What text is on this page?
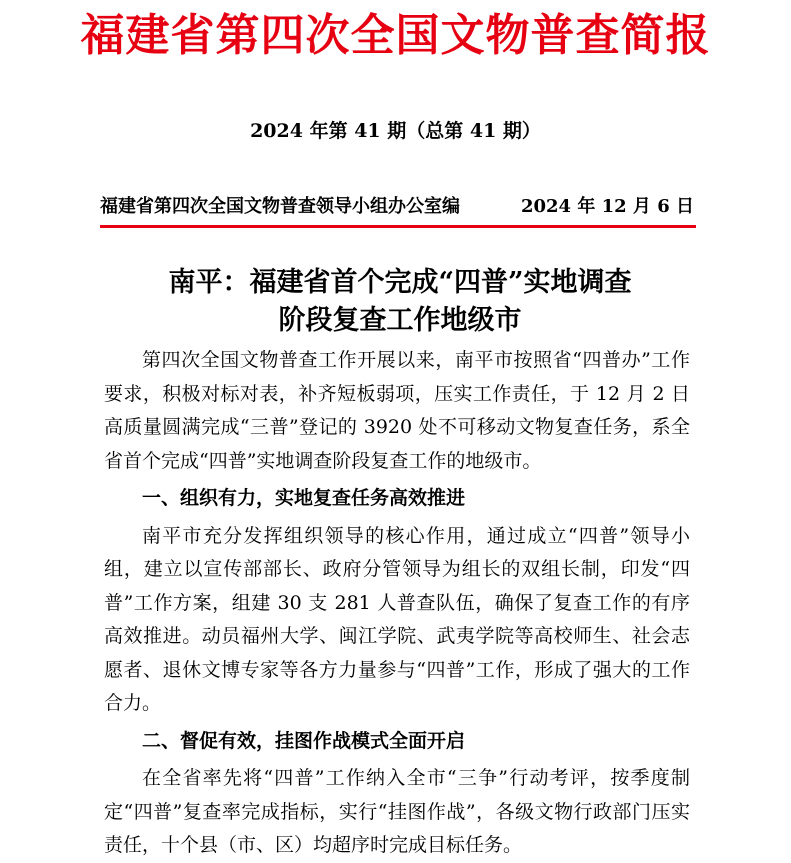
福建省第四次全国文物普查简报
2024 年第 41 期（总第 41 期）
福建省第四次全国文物普查领导小组办公室编	2024 年 12 月 6 日
南平：福建省首个完成“四普”实地调查
阶段复查工作地级市

第四次全国文物普查工作开展以来，南平市按照省“四普办”工作要求，积极对标对表，补齐短板弱项，压实工作责任，于 12 月 2 日高质量圆满完成“三普”登记的 3920 处不可移动文物复查任务，系全省首个完成“四普”实地调查阶段复查工作的地级市。

一、组织有力，实地复查任务高效推进

南平市充分发挥组织领导的核心作用，通过成立“四普”领导小组，建立以宣传部部长、政府分管领导为组长的双组长制，印发“四普”工作方案，组建 30 支 281 人普查队伍，确保了复查工作的有序高效推进。动员福州大学、闽江学院、武夷学院等高校师生、社会志愿者、退休文博专家等各方力量参与“四普”工作，形成了强大的工作合力。

二、督促有效，挂图作战模式全面开启

在全省率先将“四普”工作纳入全市“三争”行动考评，按季度制定“四普”复查率完成指标，实行“挂图作战”，各级文物行政部门压实责任，十个县（市、区）均超序时完成目标任务。
